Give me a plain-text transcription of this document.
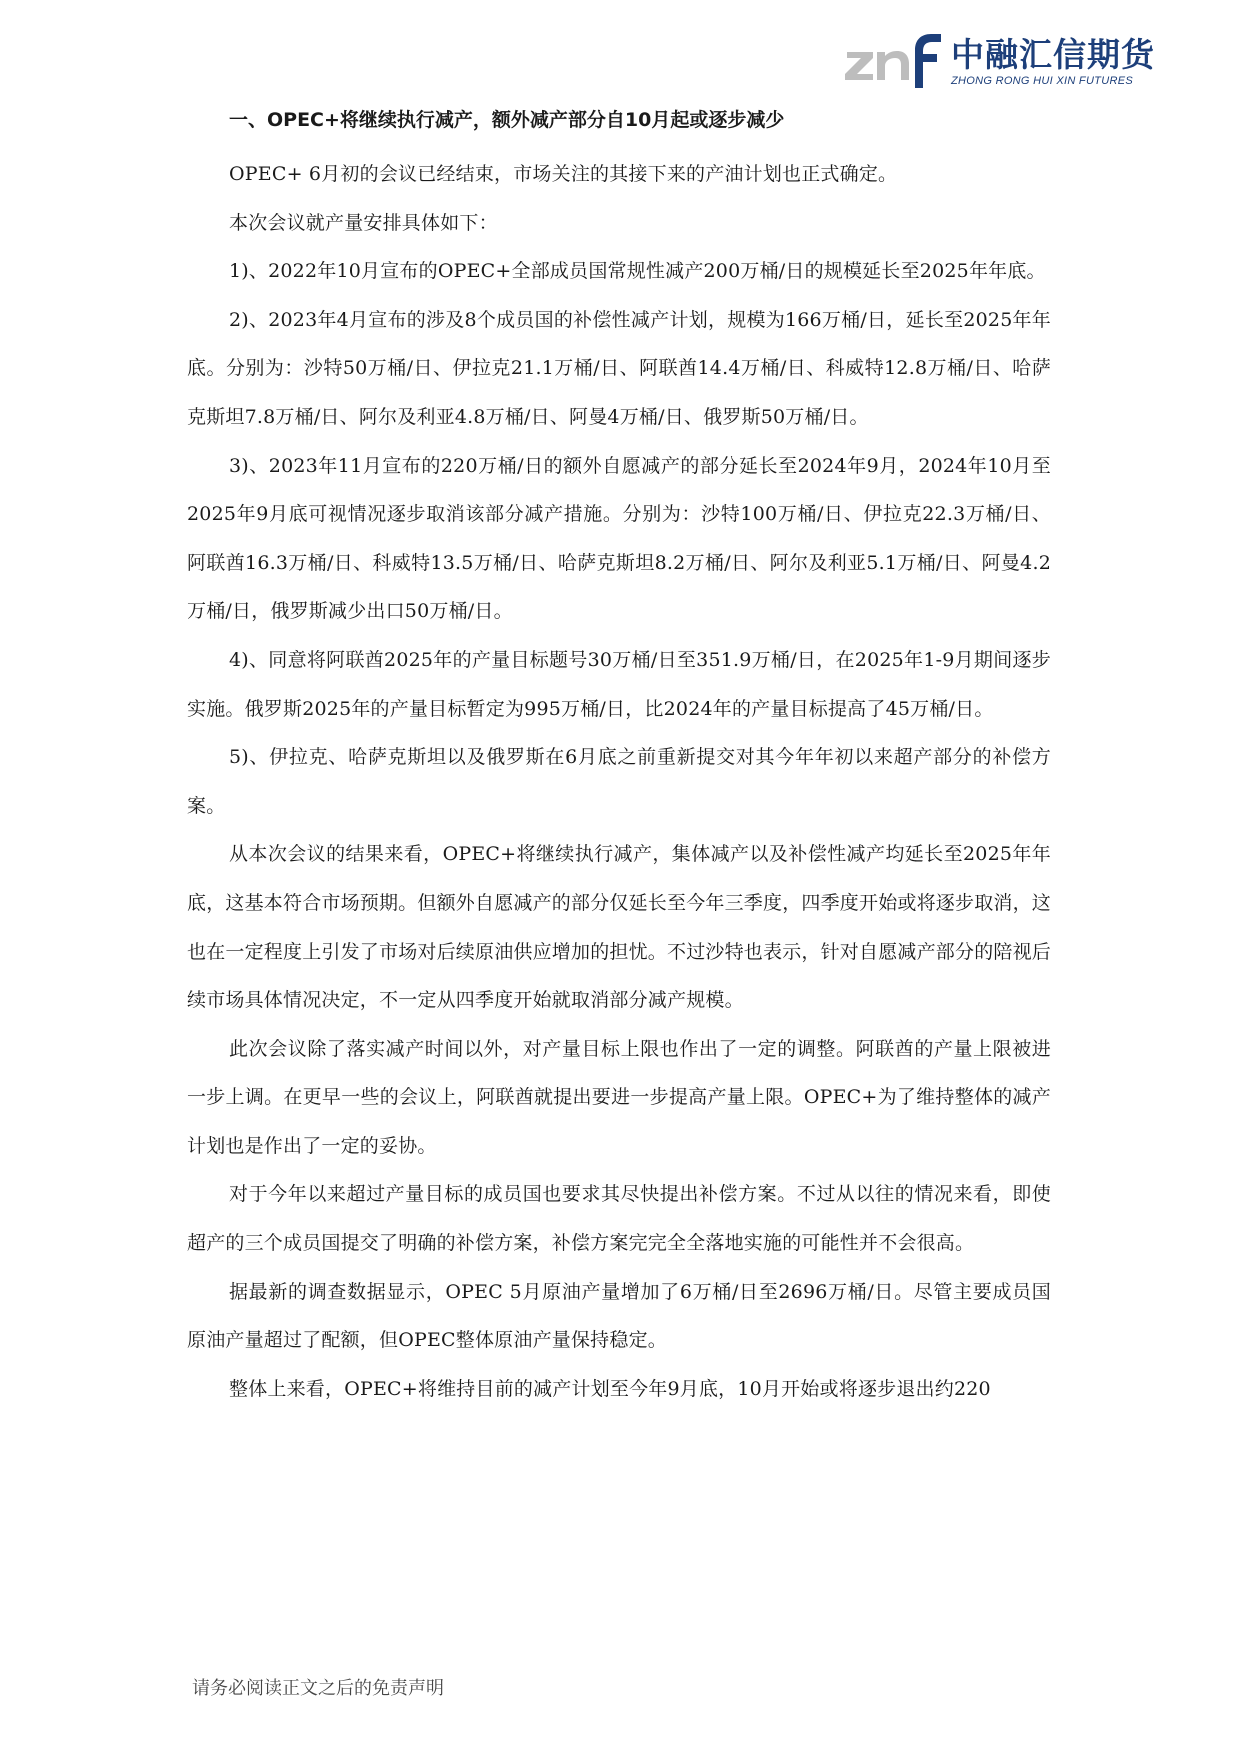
中融汇信期货
ZHONG RONG HUI XIN FUTURES

一、OPEC+将继续执行减产，额外减产部分自10月起或逐步减少

OPEC+ 6月初的会议已经结束，市场关注的其接下来的产油计划也正式确定。

本次会议就产量安排具体如下：

1)、2022年10月宣布的OPEC+全部成员国常规性减产200万桶/日的规模延长至2025年年底。

2)、2023年4月宣布的涉及8个成员国的补偿性减产计划，规模为166万桶/日，延长至2025年年底。分别为：沙特50万桶/日、伊拉克21.1万桶/日、阿联酋14.4万桶/日、科威特12.8万桶/日、哈萨克斯坦7.8万桶/日、阿尔及利亚4.8万桶/日、阿曼4万桶/日、俄罗斯50万桶/日。

3)、2023年11月宣布的220万桶/日的额外自愿减产的部分延长至2024年9月，2024年10月至2025年9月底可视情况逐步取消该部分减产措施。分别为：沙特100万桶/日、伊拉克22.3万桶/日、阿联酋16.3万桶/日、科威特13.5万桶/日、哈萨克斯坦8.2万桶/日、阿尔及利亚5.1万桶/日、阿曼4.2万桶/日，俄罗斯减少出口50万桶/日。

4)、同意将阿联酋2025年的产量目标题号30万桶/日至351.9万桶/日，在2025年1-9月期间逐步实施。俄罗斯2025年的产量目标暂定为995万桶/日，比2024年的产量目标提高了45万桶/日。

5)、伊拉克、哈萨克斯坦以及俄罗斯在6月底之前重新提交对其今年年初以来超产部分的补偿方案。

从本次会议的结果来看，OPEC+将继续执行减产，集体减产以及补偿性减产均延长至2025年年底，这基本符合市场预期。但额外自愿减产的部分仅延长至今年三季度，四季度开始或将逐步取消，这也在一定程度上引发了市场对后续原油供应增加的担忧。不过沙特也表示，针对自愿减产部分的陪视后续市场具体情况决定，不一定从四季度开始就取消部分减产规模。

此次会议除了落实减产时间以外，对产量目标上限也作出了一定的调整。阿联酋的产量上限被进一步上调。在更早一些的会议上，阿联酋就提出要进一步提高产量上限。OPEC+为了维持整体的减产计划也是作出了一定的妥协。

对于今年以来超过产量目标的成员国也要求其尽快提出补偿方案。不过从以往的情况来看，即使超产的三个成员国提交了明确的补偿方案，补偿方案完完全全落地实施的可能性并不会很高。

据最新的调查数据显示，OPEC 5月原油产量增加了6万桶/日至2696万桶/日。尽管主要成员国原油产量超过了配额，但OPEC整体原油产量保持稳定。

整体上来看，OPEC+将维持目前的减产计划至今年9月底，10月开始或将逐步退出约220

请务必阅读正文之后的免责声明
